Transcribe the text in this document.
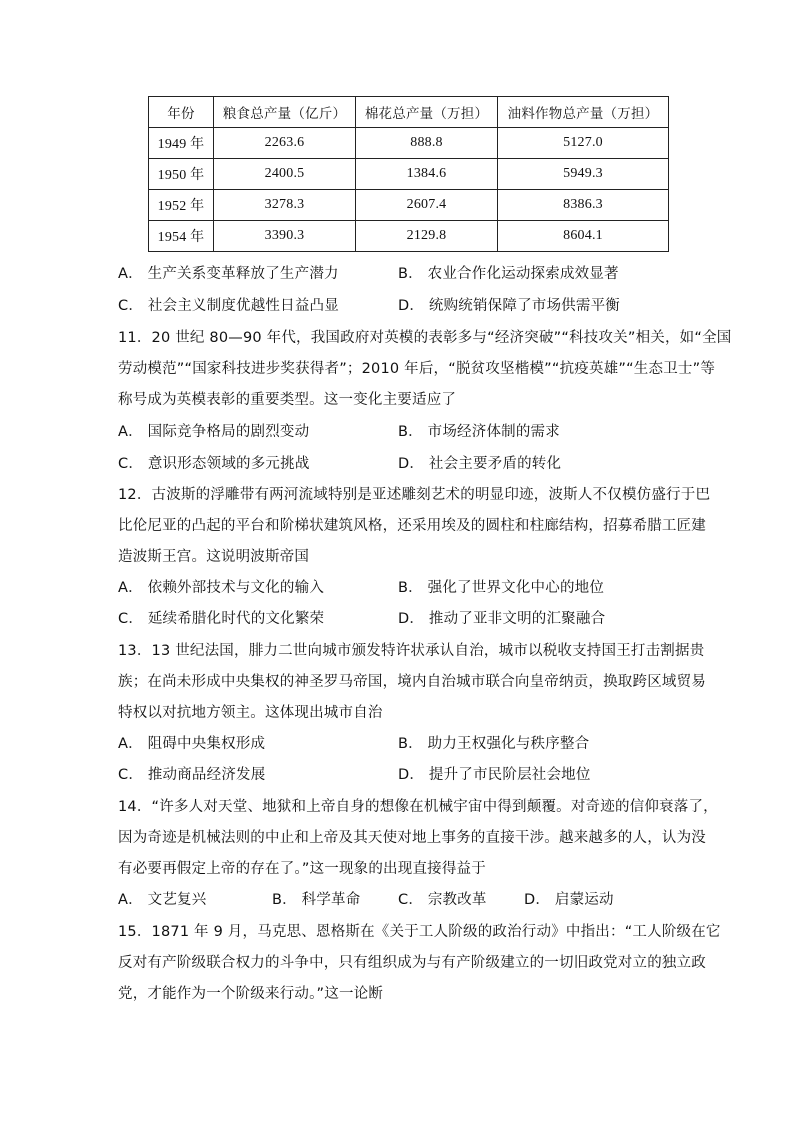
年份	粮食总产量（亿斤）	棉花总产量（万担）	油料作物总产量（万担）
1949 年	2263.6	888.8	5127.0
1950 年	2400.5	1384.6	5949.3
1952 年	3278.3	2607.4	8386.3
1954 年	3390.3	2129.8	8604.1
A． 生产关系变革释放了生产潜力	B． 农业合作化运动探索成效显著
C． 社会主义制度优越性日益凸显	D． 统购统销保障了市场供需平衡
11．20 世纪 80—90 年代，我国政府对英模的表彰多与“经济突破”“科技攻关”相关，如“全国
劳动模范”“国家科技进步奖获得者”；2010 年后，“脱贫攻坚楷模”“抗疫英雄”“生态卫士”等
称号成为英模表彰的重要类型。这一变化主要适应了
A． 国际竞争格局的剧烈变动	B． 市场经济体制的需求
C． 意识形态领域的多元挑战	D． 社会主要矛盾的转化
12．古波斯的浮雕带有两河流域特别是亚述雕刻艺术的明显印迹，波斯人不仅模仿盛行于巴
比伦尼亚的凸起的平台和阶梯状建筑风格，还采用埃及的圆柱和柱廊结构，招募希腊工匠建
造波斯王宫。这说明波斯帝国
A． 依赖外部技术与文化的输入	B． 强化了世界文化中心的地位
C． 延续希腊化时代的文化繁荣	D． 推动了亚非文明的汇聚融合
13．13 世纪法国，腓力二世向城市颁发特许状承认自治，城市以税收支持国王打击割据贵
族；在尚未形成中央集权的神圣罗马帝国，境内自治城市联合向皇帝纳贡，换取跨区域贸易
特权以对抗地方领主。这体现出城市自治
A． 阻碍中央集权形成	B． 助力王权强化与秩序整合
C． 推动商品经济发展	D． 提升了市民阶层社会地位
14．“许多人对天堂、地狱和上帝自身的想像在机械宇宙中得到颠覆。对奇迹的信仰衰落了，
因为奇迹是机械法则的中止和上帝及其天使对地上事务的直接干涉。越来越多的人，认为没
有必要再假定上帝的存在了。”这一现象的出现直接得益于
A． 文艺复兴	B． 科学革命	C． 宗教改革	D． 启蒙运动
15．1871 年 9 月，马克思、恩格斯在《关于工人阶级的政治行动》中指出：“工人阶级在它
反对有产阶级联合权力的斗争中，只有组织成为与有产阶级建立的一切旧政党对立的独立政
党，才能作为一个阶级来行动。”这一论断
